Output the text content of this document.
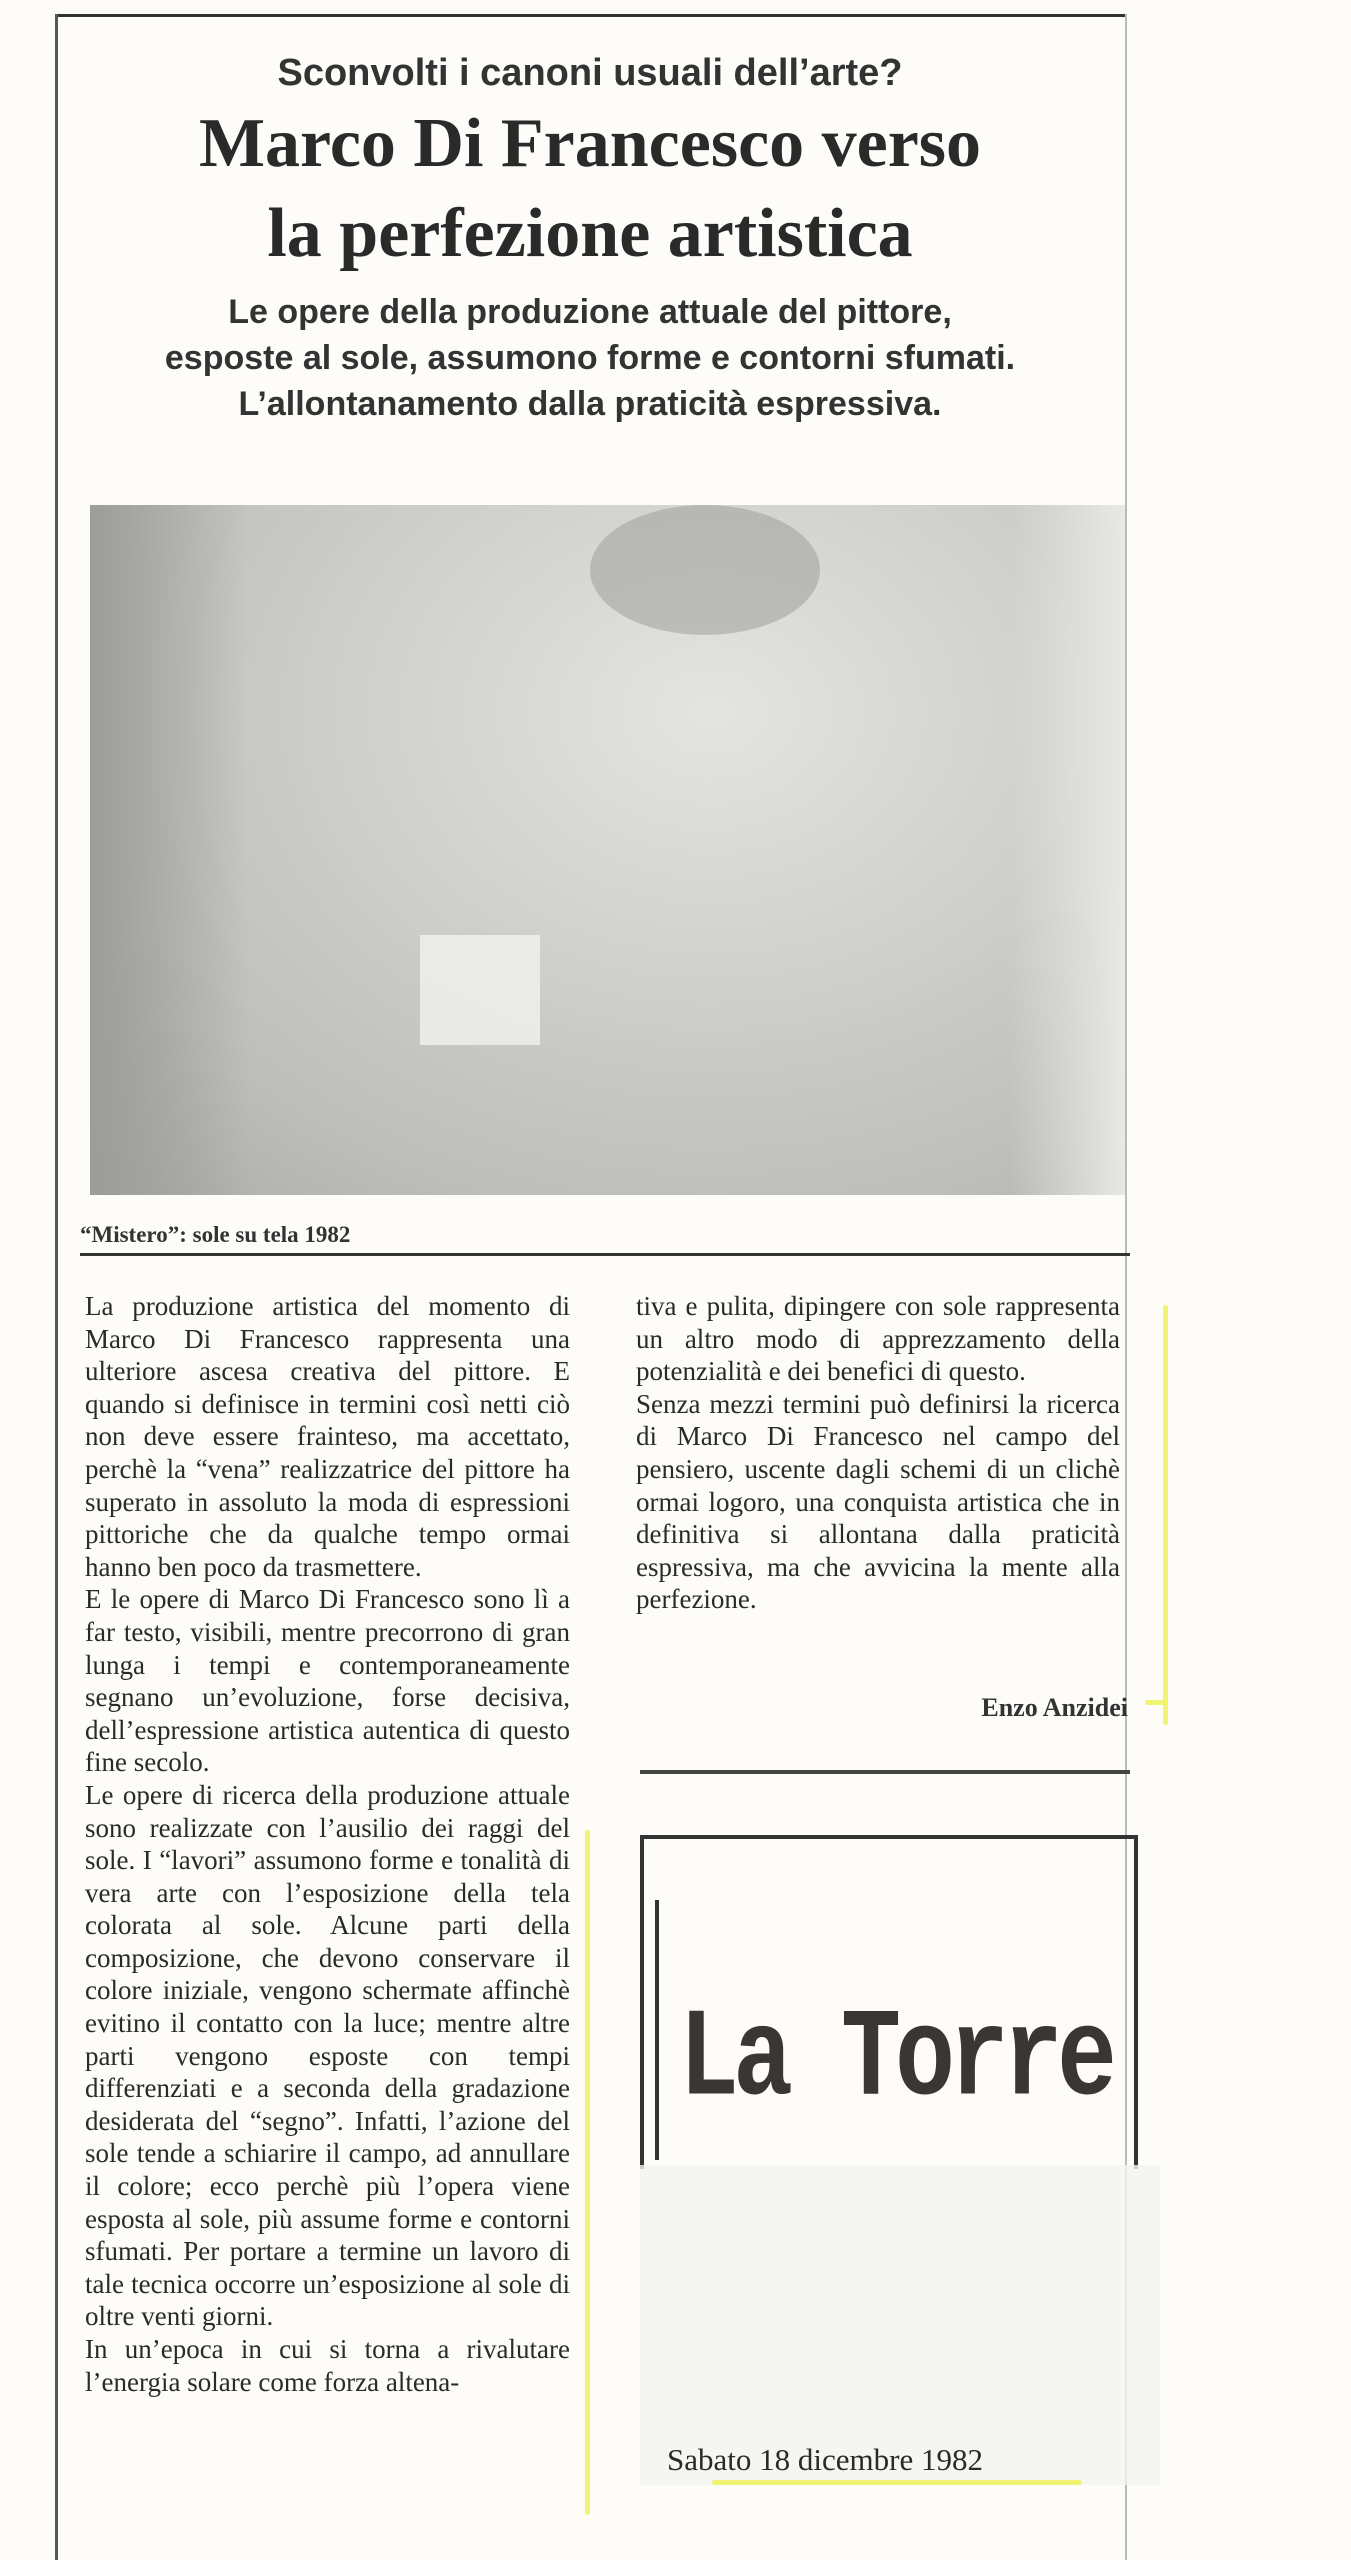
Sconvolti i canoni usuali dell’arte?
Marco Di Francesco verso
la perfezione artistica
Le opere della produzione attuale del pittore,
esposte al sole, assumono forme e contorni sfumati.
L’allontanamento dalla praticità espressiva.
“Mistero”: sole su tela 1982

La produzione artistica del momento di Marco Di Francesco rappresenta una ulteriore ascesa creativa del pittore. E quando si definisce in termini così netti ciò non deve essere frainteso, ma accettato, perchè la “vena” realizzatrice del pittore ha superato in assoluto la moda di espressioni pittoriche che da qualche tempo ormai hanno ben poco da trasmettere.

E le opere di Marco Di Francesco sono lì a far testo, visibili, mentre precorrono di gran lunga i tempi e contemporaneamente segnano un’evoluzione, forse decisiva, dell’espressione artistica autentica di questo fine secolo.

Le opere di ricerca della produzione attuale sono realizzate con l’ausilio dei raggi del sole. I “lavori” assumono forme e tonalità di vera arte con l’esposizione della tela colorata al sole. Alcune parti della composizione, che devono conservare il colore iniziale, vengono schermate affinchè evitino il contatto con la luce; mentre altre parti vengono esposte con tempi differenziati e a seconda della gradazione desiderata del “segno”. Infatti, l’azione del sole tende a schiarire il campo, ad annullare il colore; ecco perchè più l’opera viene esposta al sole, più assume forme e contorni sfumati. Per portare a termine un lavoro di tale tecnica occorre un’esposizione al sole di oltre venti giorni.

In un’epoca in cui si torna a rivalutare l’energia solare come forza altena-

tiva e pulita, dipingere con sole rappresenta un altro modo di apprezzamento della potenzialità e dei benefici di questo.

Senza mezzi termini può definirsi la ricerca di Marco Di Francesco nel campo del pensiero, uscente dagli schemi di un clichè ormai logoro, una conquista artistica che in definitiva si allontana dalla praticità espressiva, ma che avvicina la mente alla perfezione.

Enzo Anzidei
La Torre
Sabato 18 dicembre 1982
